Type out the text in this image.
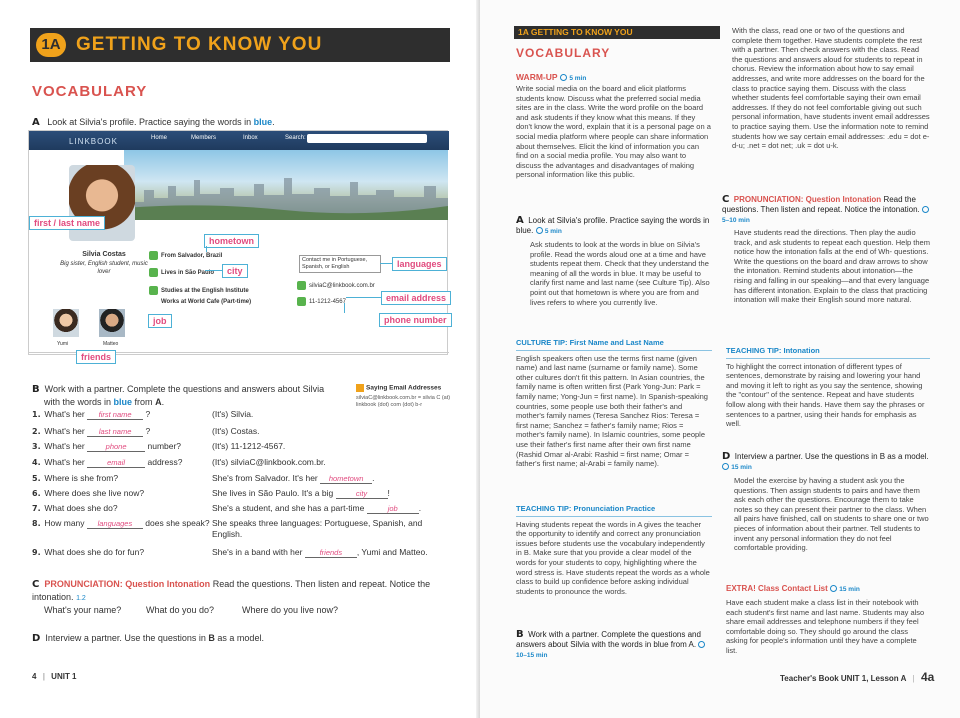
1A GETTING TO KNOW YOU
VOCABULARY
A Look at Silvia's profile. Practice saying the words in blue.
LINKBOOK	Home	Members	Inbox	Search:
Silvia Costas
Big sister, English student, music lover
From Salvador, Brazil
Lives in São Paulo
Studies at the English Institute
Works at World Cafe (Part-time)
Contact me in Portuguese, Spanish, or English
silviaC@linkbook.com.br
11-1212-4567
Yumi	Matteo
first / last name
hometown
city
languages
email address
phone number
job
friends
B Work with a partner. Complete the questions and answers about Silvia
with the words in blue from A.
Saying Email Addresses
silviaC@linkbook.com.br = silvia C (at) linkbook (dot) com (dot) b-r
1. What's her first name ?	(It's) Silvia.
2. What's her last name ?	(It's) Costas.
3. What's her	phone number?	(It's) 11-1212-4567.
4. What's her	email	address?	(It's) silviaC@linkbook.com.br.
5. Where is she from?	She's from Salvador. It's her hometown .
6. Where does she live now?	She lives in São Paulo. It's a big	city !
7. What does she do?	She's a student, and she has a part-time	job .
8. How many languages does she speak? She speaks three languages: Portuguese, Spanish, and English.
9. What does she do for fun?	She's in a band with her friends , Yumi and Matteo.
C PRONUNCIATION: Question Intonation Read the questions. Then listen and repeat. Notice the intonation. 1.2
What's your name?	What do you do?	Where do you live now?
D Interview a partner. Use the questions in B as a model.
4 | UNIT 1
1A GETTING TO KNOW YOU
VOCABULARY
WARM-UP 5 min
Write social media on the board and elicit platforms students know. Discuss what the preferred social media sites are in the class. Write the word profile on the board and ask students if they know what this means. If they don't know the word, explain that it is a personal page on a social media platform where people can share information about themselves. Elicit the kind of information you can find on a social media profile. You may also want to discuss the advantages and disadvantages of making personal information like this public.
A Look at Silvia's profile. Practice saying the words in blue. 5 min
Ask students to look at the words in blue on Silvia's profile. Read the words aloud one at a time and have students repeat them. Check that they understand the meaning of all the words in blue. It may be useful to clarify first name and last name (see Culture Tip). Also point out that hometown is where you are from and lives refers to where you currently live.
CULTURE TIP: First Name and Last Name
English speakers often use the terms first name (given name) and last name (surname or family name). Some other cultures don't fit this pattern. In Asian countries, the family name is often written first (Park Yong-Jun: Park = family name; Yong-Jun = first name). In Spanish-speaking countries, some people use both their father's and mother's family names (Teresa Sanchez Rios: Teresa = first name; Sanchez = father's family name; Rios = mother's family name). In Islamic countries, some people use their father's first name after their own first name (Rashid Omar al-Arabi: Rashid = first name; Omar = father's first name; al-Arabi = family name).
TEACHING TIP: Pronunciation Practice
Having students repeat the words in A gives the teacher the opportunity to identify and correct any pronunciation issues before students use the vocabulary independently in B. Make sure that you provide a clear model of the words for your students to copy, highlighting where the word stress is. Have students repeat the words as a whole class to build up confidence before asking individual students to pronounce the words.
B Work with a partner. Complete the questions and answers about Silvia with the words in blue from A.  10–15 min
With the class, read one or two of the questions and complete them together. Have students complete the rest with a partner. Then check answers with the class. Read the questions and answers aloud for students to repeat in chorus. Review the information about how to say email addresses, and write more addresses on the board for the class to practice saying them. Discuss with the class whether students feel comfortable saying their own email addresses. If they do not feel comfortable giving out such personal information, have students invent email addresses to practice saying them. Use the information note to remind students how we say certain email addresses: .edu = dot e-d-u; .net = dot net; .uk = dot u-k.
C PRONUNCIATION: Question Intonation Read the questions. Then listen and repeat. Notice the intonation.  5–10 min
Have students read the directions. Then play the audio track, and ask students to repeat each question. Help them notice how the intonation falls at the end of Wh- questions. Write the questions on the board and draw arrows to show the intonation. Remind students about intonation—the rising and falling in our speaking—and that every language has different intonation. Explain to the class that practicing intonation will make their English sound more natural.
TEACHING TIP: Intonation
To highlight the correct intonation of different types of sentences, demonstrate by raising and lowering your hand and moving it left to right as you say the sentence, showing the "contour" of the sentence. Repeat and have students follow along with their hands. Have them say the phrases or sentences to a partner, using their hands for emphasis as well.
D Interview a partner. Use the questions in B as a model.  15 min
Model the exercise by having a student ask you the questions. Then assign students to pairs and have them ask each other the questions. Encourage them to take notes so they can present their partner to the class. When all pairs have finished, call on students to share one or two pieces of information about their partner. Tell students to invent any personal information they do not feel comfortable providing.
EXTRA! Class Contact List 15 min
Have each student make a class list in their notebook with each student's first name and last name. Students may also share email addresses and telephone numbers if they feel comfortable doing so. They should go around the class asking for people's information until they have a complete list.
Teacher's Book UNIT 1, Lesson A | 4a
